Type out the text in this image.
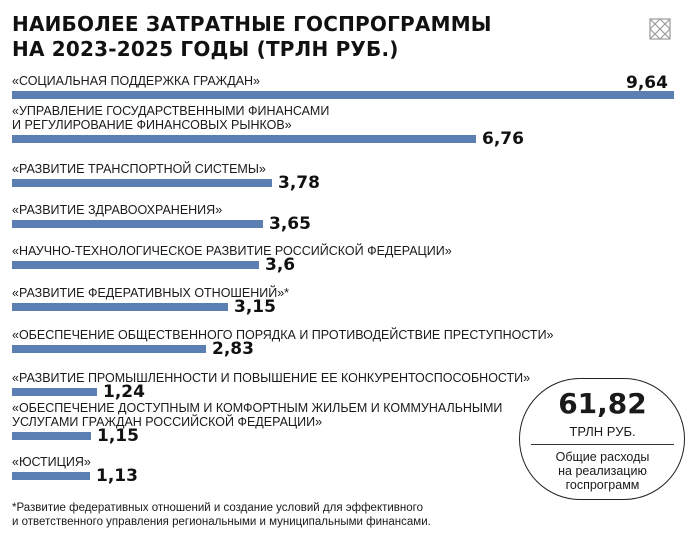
НАИБОЛЕЕ ЗАТРАТНЫЕ ГОСПРОГРАММЫ
НА 2023-2025 ГОДЫ (ТРЛН РУБ.)
«СОЦИАЛЬНАЯ ПОДДЕРЖКА ГРАЖДАН»	9,64
«УПРАВЛЕНИЕ ГОСУДАРСТВЕННЫМИ ФИНАНСАМИ
И РЕГУЛИРОВАНИЕ ФИНАНСОВЫХ РЫНКОВ»
6,76
«РАЗВИТИЕ ТРАНСПОРТНОЙ СИСТЕМЫ»
3,78
«РАЗВИТИЕ ЗДРАВООХРАНЕНИЯ»
3,65
«НАУЧНО-ТЕХНОЛОГИЧЕСКОЕ РАЗВИТИЕ РОССИЙСКОЙ ФЕДЕРАЦИИ»
3,6
«РАЗВИТИЕ ФЕДЕРАТИВНЫХ ОТНОШЕНИЙ»*
3,15
«ОБЕСПЕЧЕНИЕ ОБЩЕСТВЕННОГО ПОРЯДКА И ПРОТИВОДЕЙСТВИЕ ПРЕСТУПНОСТИ»
2,83
«РАЗВИТИЕ ПРОМЫШЛЕННОСТИ И ПОВЫШЕНИЕ ЕЕ КОНКУРЕНТОСПОСОБНОСТИ»
1,24
«ОБЕСПЕЧЕНИЕ ДОСТУПНЫМ И КОМФОРТНЫМ ЖИЛЬЕМ И КОММУНАЛЬНЫМИ
УСЛУГАМИ ГРАЖДАН РОССИЙСКОЙ ФЕДЕРАЦИИ»
1,15
«ЮСТИЦИЯ»
1,13
61,82
ТРЛН РУБ.
Общие расходы
на реализацию
госпрограмм
*Развитие федеративных отношений и создание условий для эффективного
и ответственного управления региональными и муниципальными финансами.
